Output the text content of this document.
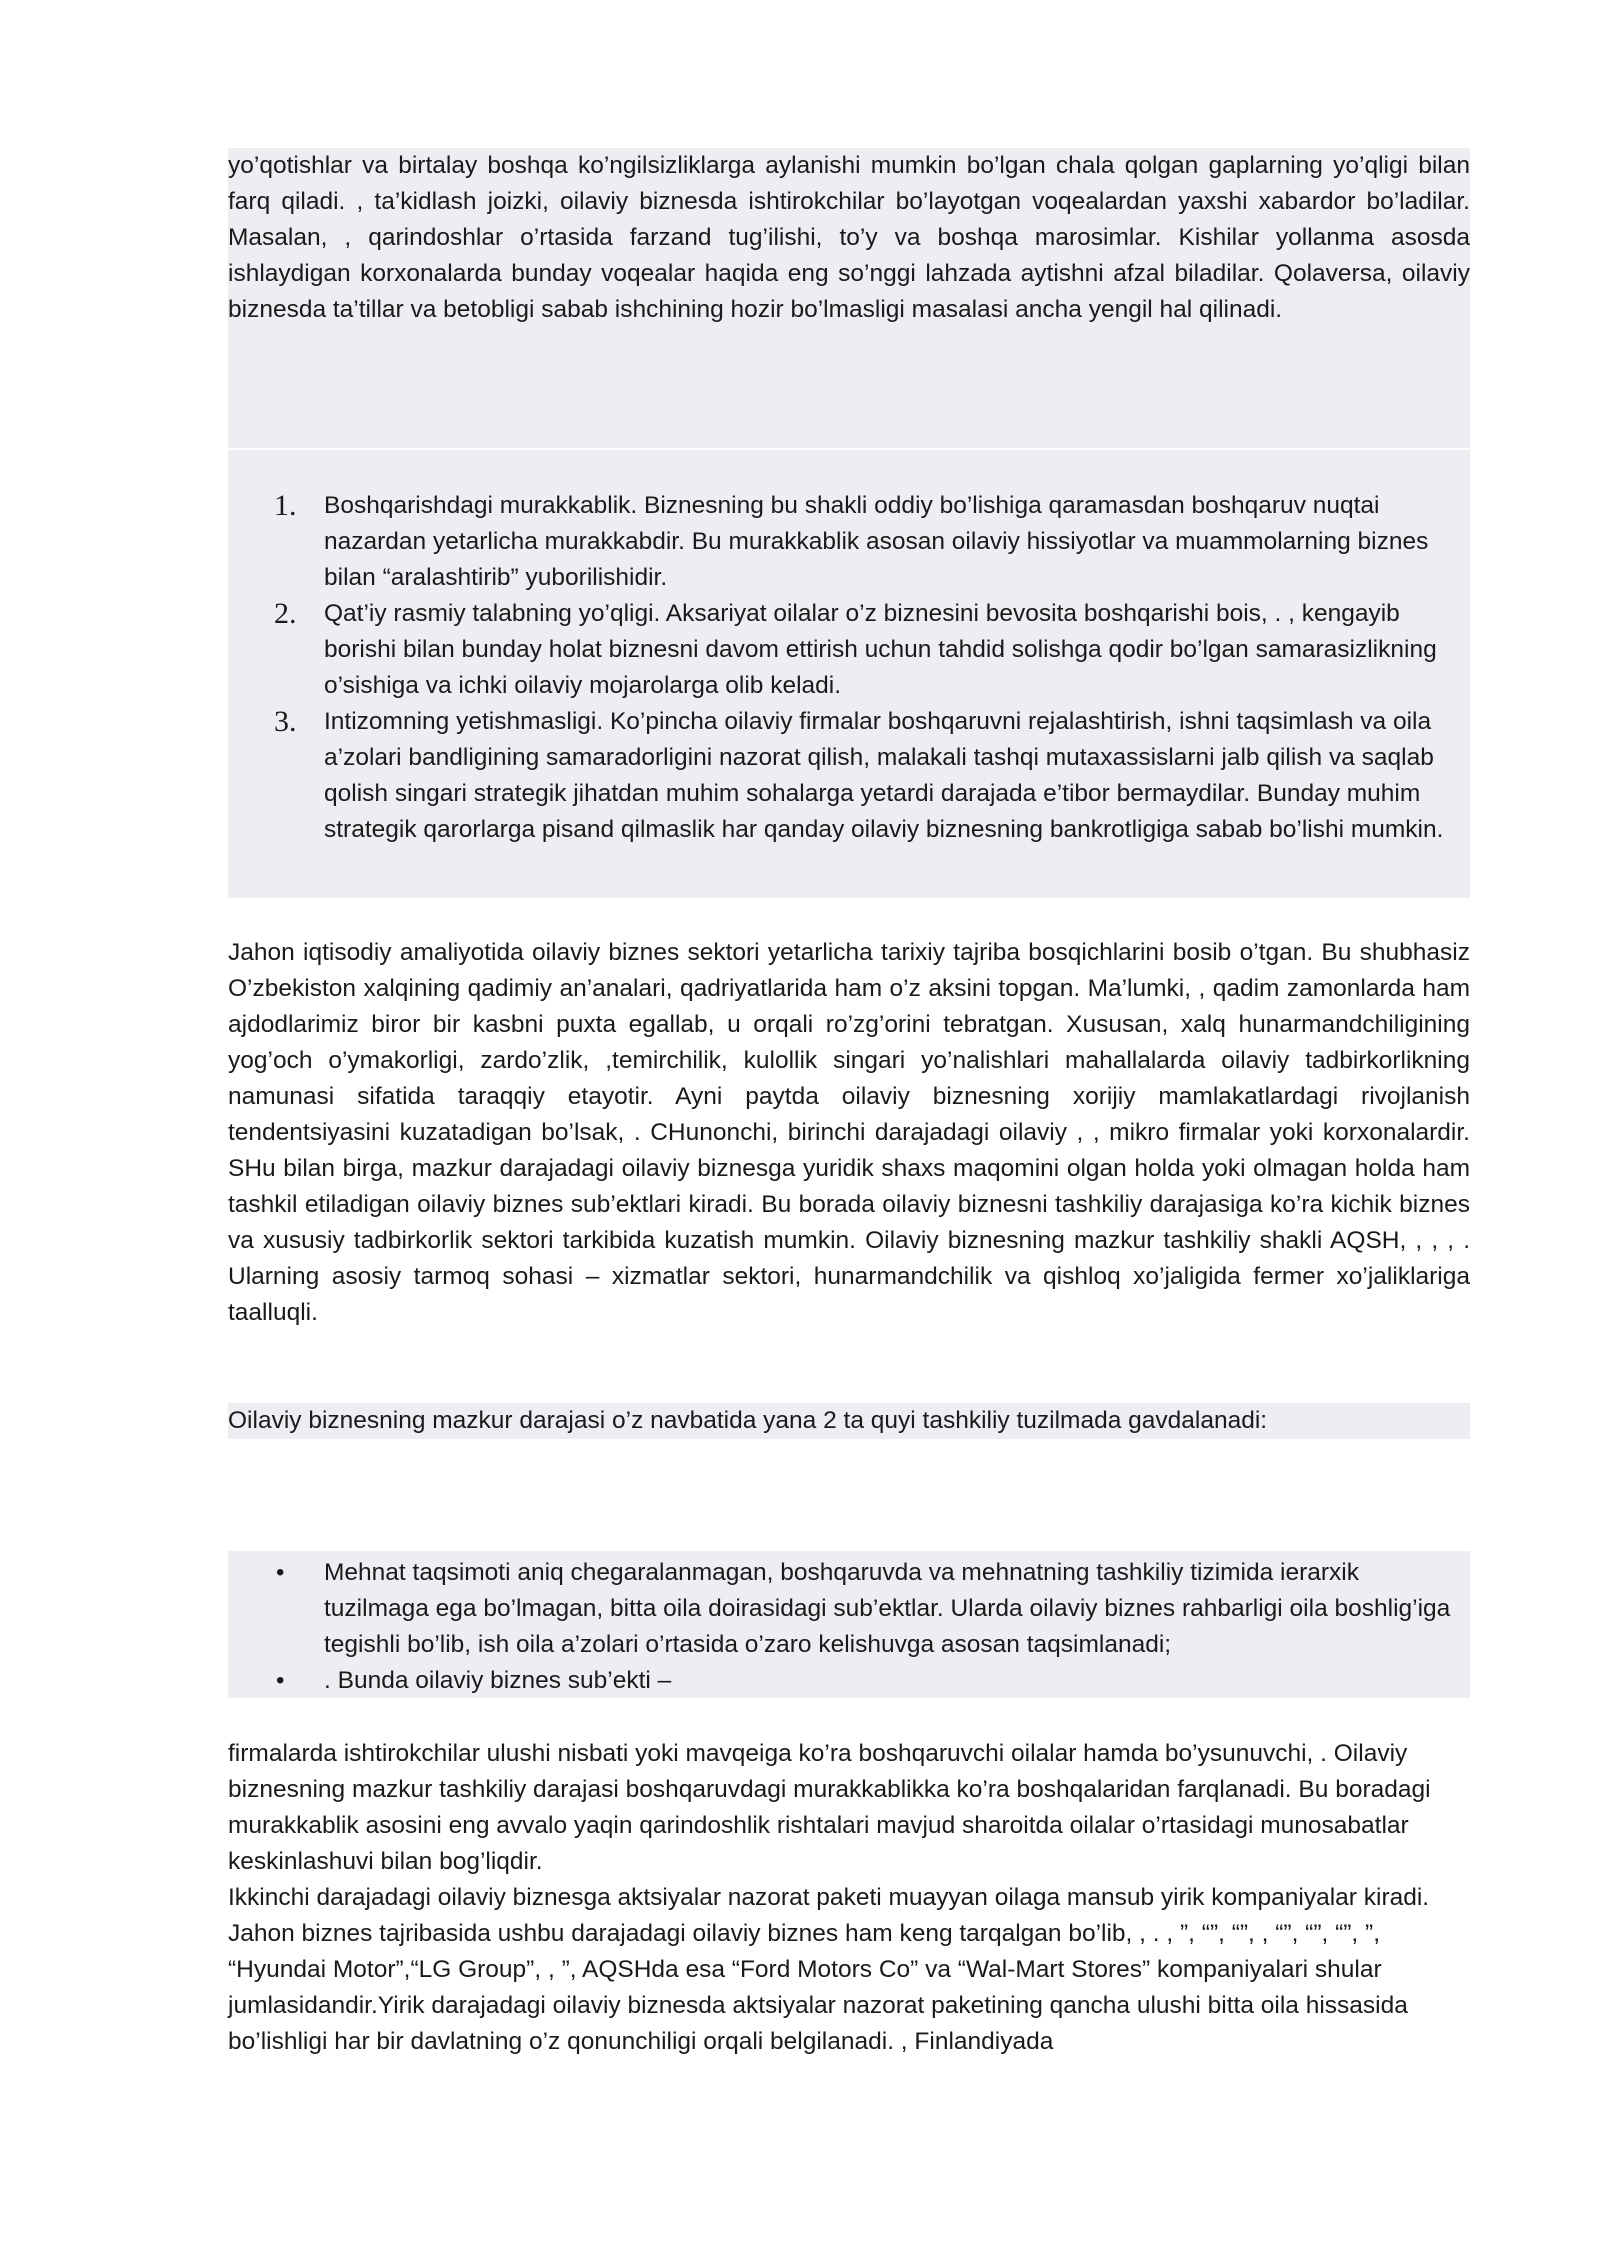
yo’qotishlar va birtalay boshqa ko’ngilsizliklarga aylanishi mumkin bo’lgan chala qolgan gaplarning yo’qligi bilan farq qiladi. , ta’kidlash joizki, oilaviy biznesda ishtirokchilar bo’layotgan voqealardan yaxshi xabardor bo’ladilar. Masalan, , qarindoshlar o’rtasida farzand tug’ilishi, to’y va boshqa marosimlar. Kishilar yollanma asosda ishlaydigan korxonalarda bunday voqealar haqida eng so’nggi lahzada aytishni afzal biladilar. Qolaversa, oilaviy biznesda ta’tillar va betobligi sabab ishchining hozir bo’lmasligi masalasi ancha yengil hal qilinadi.

1. Boshqarishdagi murakkablik. Biznesning bu shakli oddiy bo’lishiga qaramasdan boshqaruv nuqtai nazardan yetarlicha murakkabdir. Bu murakkablik asosan oilaviy hissiyotlar va muammolarning biznes bilan “aralashtirib” yuborilishidir.
2. Qat’iy rasmiy talabning yo’qligi. Aksariyat oilalar o’z biznesini bevosita boshqarishi bois, . , kengayib borishi bilan bunday holat biznesni davom ettirish uchun tahdid solishga qodir bo’lgan samarasizlikning o’sishiga va ichki oilaviy mojarolarga olib keladi.
3. Intizomning yetishmasligi. Ko’pincha oilaviy firmalar boshqaruvni rejalashtirish, ishni taqsimlash va oila a’zolari bandligining samaradorligini nazorat qilish, malakali tashqi mutaxassislarni jalb qilish va saqlab qolish singari strategik jihatdan muhim sohalarga yetardi darajada e’tibor bermaydilar. Bunday muhim strategik qarorlarga pisand qilmaslik har qanday oilaviy biznesning bankrotligiga sabab bo’lishi mumkin.

Jahon iqtisodiy amaliyotida oilaviy biznes sektori yetarlicha tarixiy tajriba bosqichlarini bosib o’tgan. Bu shubhasiz O’zbekiston xalqining qadimiy an’analari, qadriyatlarida ham o’z aksini topgan. Ma’lumki, , qadim zamonlarda ham ajdodlarimiz biror bir kasbni puxta egallab, u orqali ro’zg’orini tebratgan. Xususan, xalq hunarmandchiligining yog’och o’ymakorligi, zardo’zlik, ,temirchilik, kulollik singari yo’nalishlari mahallalarda oilaviy tadbirkorlikning namunasi sifatida taraqqiy etayotir. Ayni paytda oilaviy biznesning xorijiy mamlakatlardagi rivojlanish tendentsiyasini kuzatadigan bo’lsak, . CHunonchi, birinchi darajadagi oilaviy , , mikro firmalar yoki korxonalardir. SHu bilan birga, mazkur darajadagi oilaviy biznesga yuridik shaxs maqomini olgan holda yoki olmagan holda ham tashkil etiladigan oilaviy biznes sub’ektlari kiradi. Bu borada oilaviy biznesni tashkiliy darajasiga ko’ra kichik biznes va xususiy tadbirkorlik sektori tarkibida kuzatish mumkin. Oilaviy biznesning mazkur tashkiliy shakli AQSH, , , , . Ularning asosiy tarmoq sohasi – xizmatlar sektori, hunarmandchilik va qishloq xo’jaligida fermer xo’jaliklariga taalluqli.

Oilaviy biznesning mazkur darajasi o’z navbatida yana 2 ta quyi tashkiliy tuzilmada gavdalanadi:

• Mehnat taqsimoti aniq chegaralanmagan, boshqaruvda va mehnatning tashkiliy tizimida ierarxik tuzilmaga ega bo’lmagan, bitta oila doirasidagi sub’ektlar. Ularda oilaviy biznes rahbarligi oila boshlig’iga tegishli bo’lib, ish oila a’zolari o’rtasida o’zaro kelishuvga asosan taqsimlanadi;
• . Bunda oilaviy biznes sub’ekti –

firmalarda ishtirokchilar ulushi nisbati yoki mavqeiga ko’ra boshqaruvchi oilalar hamda bo’ysunuvchi, . Oilaviy biznesning mazkur tashkiliy darajasi boshqaruvdagi murakkablikka ko’ra boshqalaridan farqlanadi. Bu boradagi murakkablik asosini eng avvalo yaqin qarindoshlik rishtalari mavjud sharoitda oilalar o’rtasidagi munosabatlar keskinlashuvi bilan bog’liqdir.

Ikkinchi darajadagi oilaviy biznesga aktsiyalar nazorat paketi muayyan oilaga mansub yirik kompaniyalar kiradi. Jahon biznes tajribasida ushbu darajadagi oilaviy biznes ham keng tarqalgan bo’lib, , . , ”, “”, “”, , “”, “”, “”, ”, “Hyundai Motor”,“LG Group”, , ”, AQSHda esa “Ford Motors Co” va “Wal-Mart Stores” kompaniyalari shular jumlasidandir.Yirik darajadagi oilaviy biznesda aktsiyalar nazorat paketining qancha ulushi bitta oila hissasida bo’lishligi har bir davlatning o’z qonunchiligi orqali belgilanadi. , Finlandiyada
